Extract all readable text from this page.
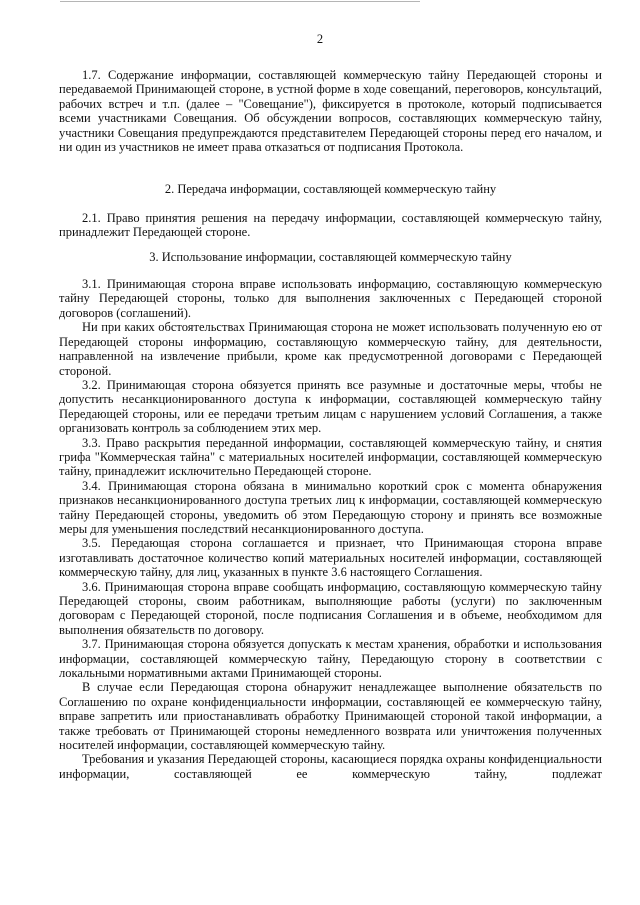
2

1.7. Содержание информации, составляющей коммерческую тайну Передающей стороны и передаваемой Принимающей стороне, в устной форме в ходе совещаний, переговоров, консультаций, рабочих встреч и т.п. (далее – "Совещание"), фиксируется в протоколе, который подписывается всеми участниками Совещания. Об обсуждении вопросов, составляющих коммерческую тайну, участники Совещания предупреждаются представителем Передающей стороны перед его началом, и ни один из участников не имеет права отказаться от подписания Протокола.

2. Передача информации, составляющей коммерческую тайну

2.1. Право принятия решения на передачу информации, составляющей коммерческую тайну, принадлежит Передающей стороне.

3. Использование информации, составляющей коммерческую тайну

3.1. Принимающая сторона вправе использовать информацию, составляющую коммерческую тайну Передающей стороны, только для выполнения заключенных с Передающей стороной договоров (соглашений).

Ни при каких обстоятельствах Принимающая сторона не может использовать полученную ею от Передающей стороны информацию, составляющую коммерческую тайну, для деятельности, направленной на извлечение прибыли, кроме как предусмотренной договорами с Передающей стороной.

3.2. Принимающая сторона обязуется принять все разумные и достаточные меры, чтобы не допустить несанкционированного доступа к информации, составляющей коммерческую тайну Передающей стороны, или ее передачи третьим лицам с нарушением условий Соглашения, а также организовать контроль за соблюдением этих мер.

3.3. Право раскрытия переданной информации, составляющей коммерческую тайну, и снятия грифа "Коммерческая тайна" с материальных носителей информации, составляющей коммерческую тайну, принадлежит исключительно Передающей стороне.

3.4. Принимающая сторона обязана в минимально короткий срок с момента обнаружения признаков несанкционированного доступа третьих лиц к информации, составляющей коммерческую тайну Передающей стороны, уведомить об этом Передающую сторону и принять все возможные меры для уменьшения последствий несанкционированного доступа.

3.5. Передающая сторона соглашается и признает, что Принимающая сторона вправе изготавливать достаточное количество копий материальных носителей информации, составляющей коммерческую тайну, для лиц, указанных в пункте 3.6 настоящего Соглашения.

3.6. Принимающая сторона вправе сообщать информацию, составляющую коммерческую тайну Передающей стороны, своим работникам, выполняющие работы (услуги) по заключенным договорам с Передающей стороной, после подписания Соглашения и в объеме, необходимом для выполнения обязательств по договору.

3.7. Принимающая сторона обязуется допускать к местам хранения, обработки и использования информации, составляющей коммерческую тайну, Передающую сторону в соответствии с локальными нормативными актами Принимающей стороны.

В случае если Передающая сторона обнаружит ненадлежащее выполнение обязательств по Соглашению по охране конфиденциальности информации, составляющей ее коммерческую тайну, вправе запретить или приостанавливать обработку Принимающей стороной такой информации, а также требовать от Принимающей стороны немедленного возврата или уничтожения полученных носителей информации, составляющей коммерческую тайну.

Требования и указания Передающей стороны, касающиеся порядка охраны конфиденциальности информации, составляющей ее коммерческую тайну, подлежат
